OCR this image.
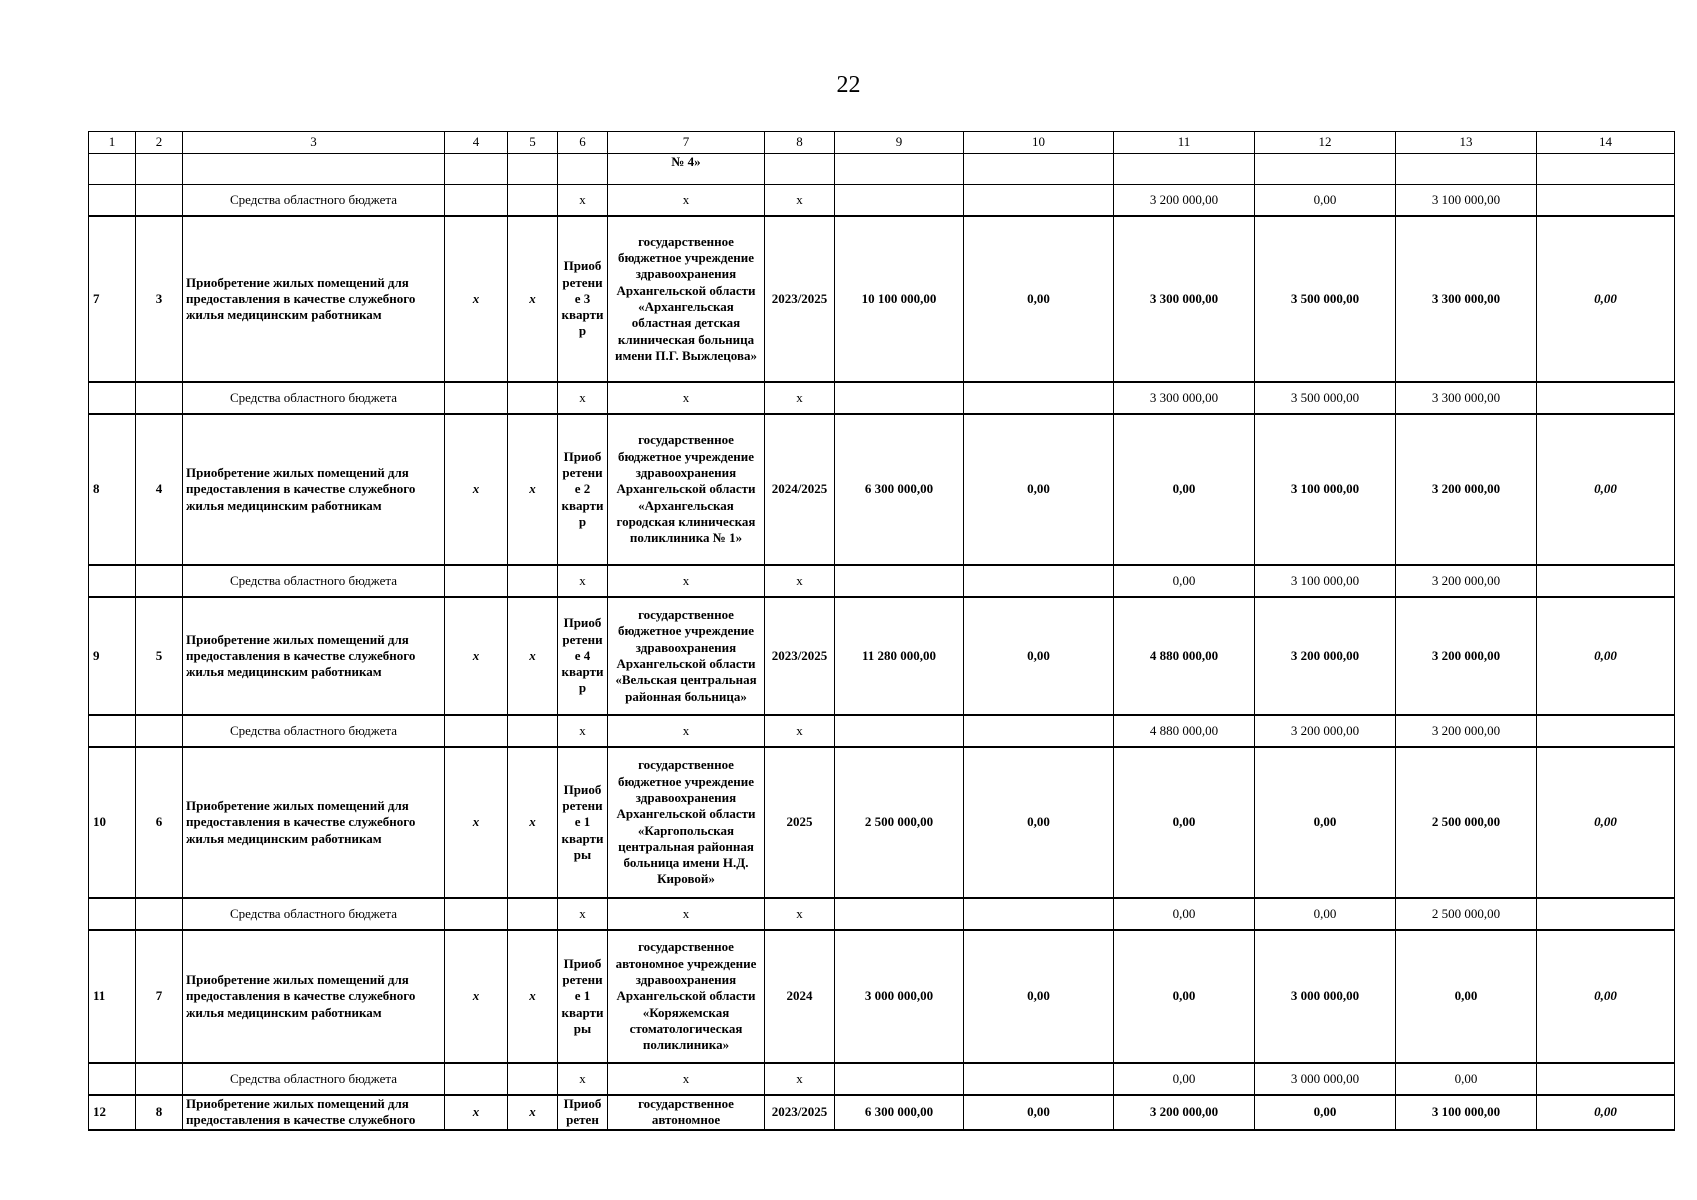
22
1	2	3	4	5	6	7	8	9	10	11	12	13	14
						№ 4»							
		Средства областного бюджета			х	х	х			3 200 000,00	0,00	3 100 000,00	
7	3	Приобретение жилых помещений для предоставления в качестве служебного жилья медицинским работникам	х	х	Приобретение 3 квартир	государственное бюджетное учреждение здравоохранения Архангельской области «Архангельская областная детская клиническая больница имени П.Г. Выжлецова»	2023/2025	10 100 000,00	0,00	3 300 000,00	3 500 000,00	3 300 000,00	0,00
		Средства областного бюджета			х	х	х			3 300 000,00	3 500 000,00	3 300 000,00	
8	4	Приобретение жилых помещений для предоставления в качестве служебного жилья медицинским работникам	х	х	Приобретение 2 квартир	государственное бюджетное учреждение здравоохранения Архангельской области «Архангельская городская клиническая поликлиника № 1»	2024/2025	6 300 000,00	0,00	0,00	3 100 000,00	3 200 000,00	0,00
		Средства областного бюджета			х	х	х			0,00	3 100 000,00	3 200 000,00	
9	5	Приобретение жилых помещений для предоставления в качестве служебного жилья медицинским работникам	х	х	Приобретение 4 квартир	государственное бюджетное учреждение здравоохранения Архангельской области «Вельская центральная районная больница»	2023/2025	11 280 000,00	0,00	4 880 000,00	3 200 000,00	3 200 000,00	0,00
		Средства областного бюджета			х	х	х			4 880 000,00	3 200 000,00	3 200 000,00	
10	6	Приобретение жилых помещений для предоставления в качестве служебного жилья медицинским работникам	х	х	Приобретение 1 квартиры	государственное бюджетное учреждение здравоохранения Архангельской области «Каргопольская центральная районная больница имени Н.Д. Кировой»	2025	2 500 000,00	0,00	0,00	0,00	2 500 000,00	0,00
		Средства областного бюджета			х	х	х			0,00	0,00	2 500 000,00	
11	7	Приобретение жилых помещений для предоставления в качестве служебного жилья медицинским работникам	х	х	Приобретение 1 квартиры	государственное автономное учреждение здравоохранения Архангельской области «Коряжемская стоматологическая поликлиника»	2024	3 000 000,00	0,00	0,00	3 000 000,00	0,00	0,00
		Средства областного бюджета			х	х	х			0,00	3 000 000,00	0,00	
12	8	Приобретение жилых помещений для предоставления в качестве служебного	х	х	Приобретен	государственное автономное	2023/2025	6 300 000,00	0,00	3 200 000,00	0,00	3 100 000,00	0,00
